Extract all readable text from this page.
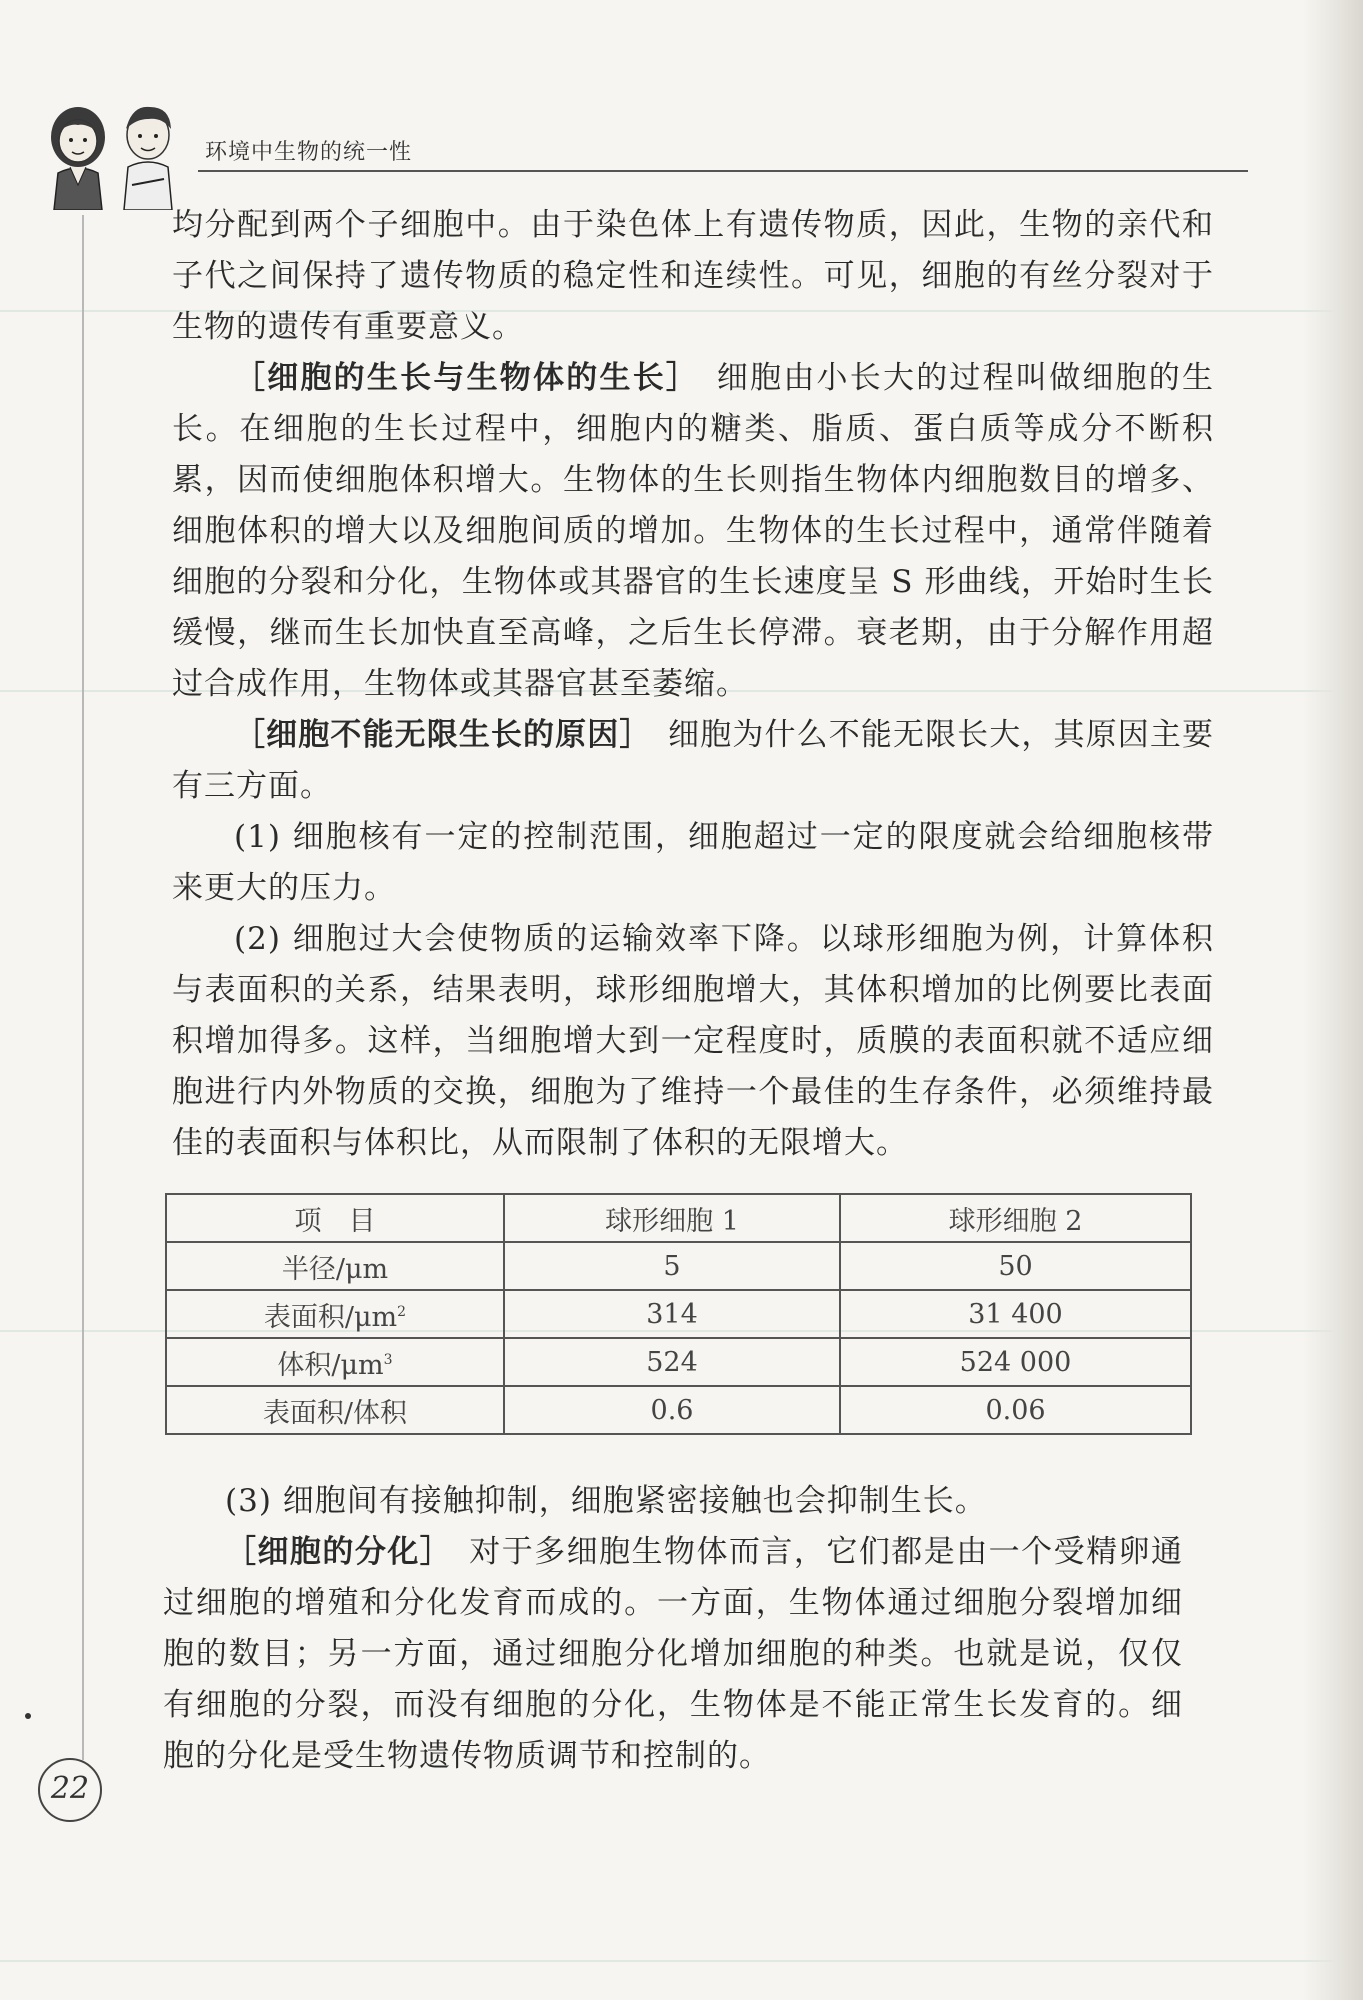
环境中生物的统一性

均分配到两个子细胞中。由于染色体上有遗传物质，因此，生物的亲代和子代之间保持了遗传物质的稳定性和连续性。可见，细胞的有丝分裂对于生物的遗传有重要意义。

［细胞的生长与生物体的生长］　细胞由小长大的过程叫做细胞的生长。在细胞的生长过程中，细胞内的糖类、脂质、蛋白质等成分不断积累，因而使细胞体积增大。生物体的生长则指生物体内细胞数目的增多、细胞体积的增大以及细胞间质的增加。生物体的生长过程中，通常伴随着细胞的分裂和分化，生物体或其器官的生长速度呈 S 形曲线，开始时生长缓慢，继而生长加快直至高峰，之后生长停滞。衰老期，由于分解作用超过合成作用，生物体或其器官甚至萎缩。

［细胞不能无限生长的原因］　细胞为什么不能无限长大，其原因主要有三方面。

(1) 细胞核有一定的控制范围，细胞超过一定的限度就会给细胞核带来更大的压力。

(2) 细胞过大会使物质的运输效率下降。以球形细胞为例，计算体积与表面积的关系，结果表明，球形细胞增大，其体积增加的比例要比表面积增加得多。这样，当细胞增大到一定程度时，质膜的表面积就不适应细胞进行内外物质的交换，细胞为了维持一个最佳的生存条件，必须维持最佳的表面积与体积比，从而限制了体积的无限增大。

项　目	球形细胞 1	球形细胞 2
半径/μm	5	50
表面积$/\mu m^2$	314	31 400
体积$/\mu m^3$	524	524 000
表面积/体积	0.6	0.06

(3) 细胞间有接触抑制，细胞紧密接触也会抑制生长。

［细胞的分化］　对于多细胞生物体而言，它们都是由一个受精卵通过细胞的增殖和分化发育而成的。一方面，生物体通过细胞分裂增加细胞的数目；另一方面，通过细胞分化增加细胞的种类。也就是说，仅仅有细胞的分裂，而没有细胞的分化，生物体是不能正常生长发育的。细胞的分化是受生物遗传物质调节和控制的。

22
